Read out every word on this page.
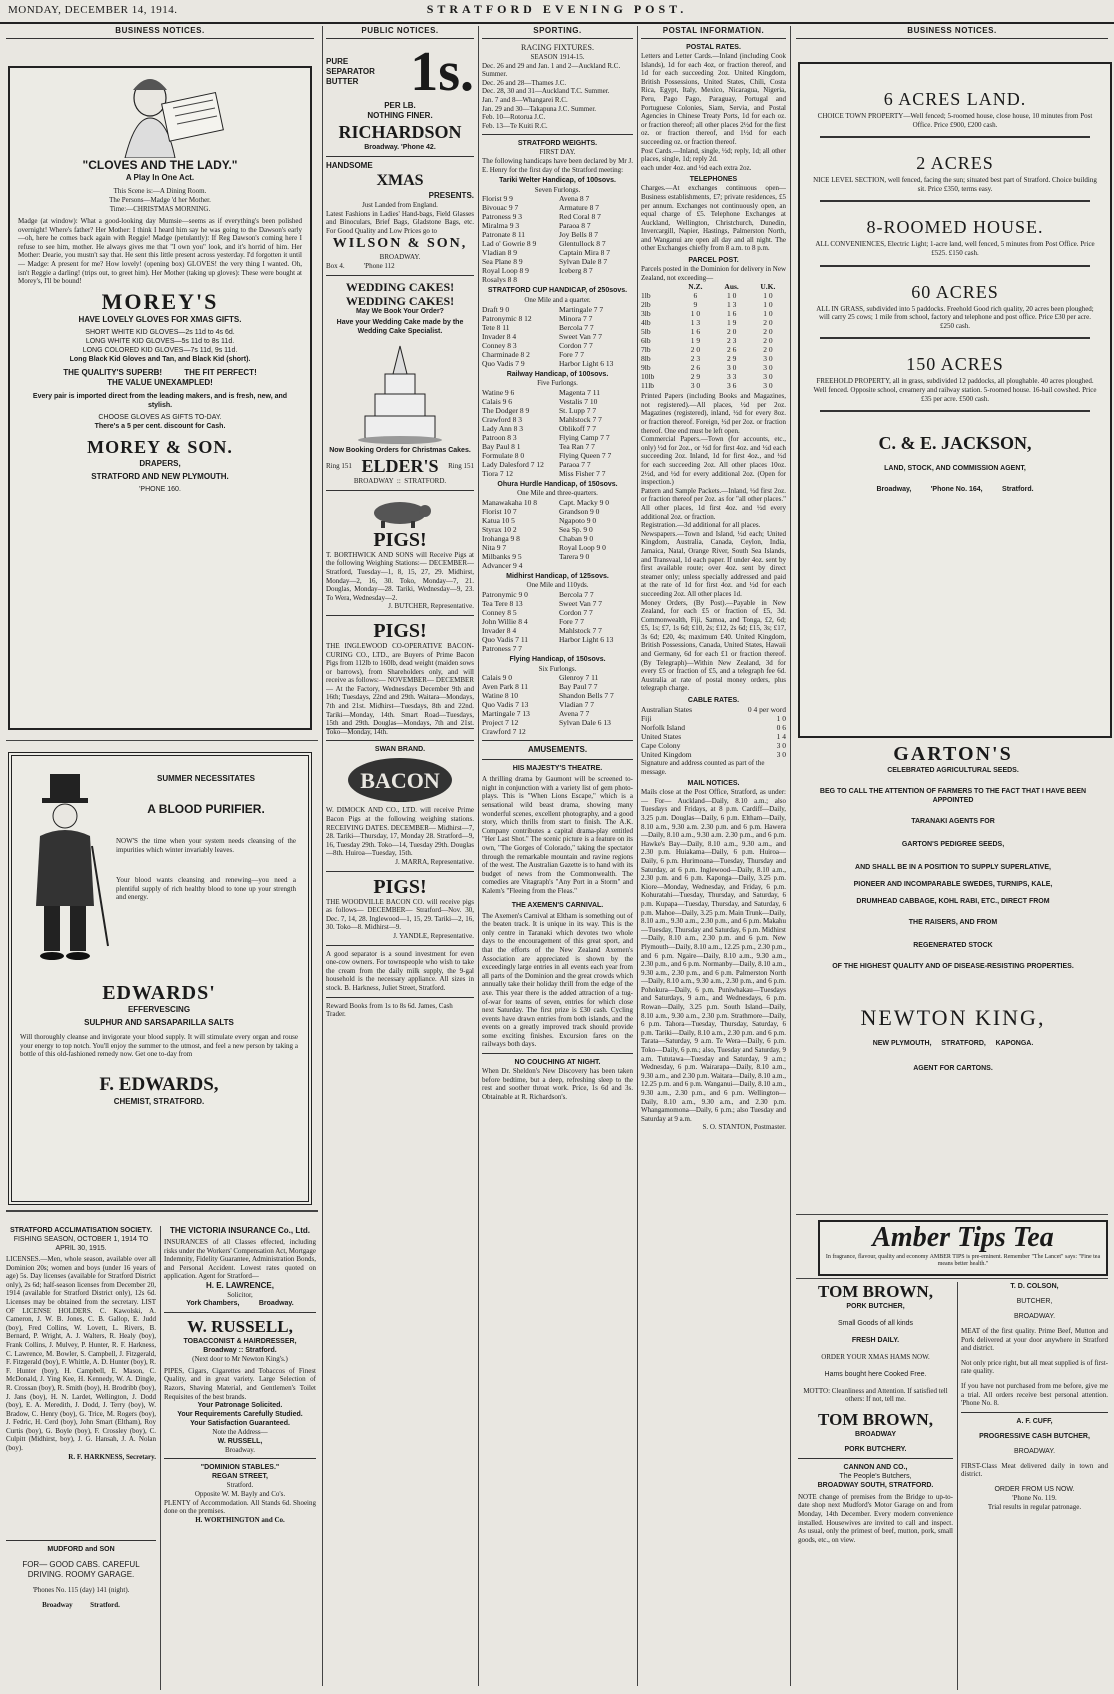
MONDAY, DECEMBER 14, 1914.	STRATFORD EVENING POST.
BUSINESS NOTICES.
"CLOVES AND THE LADY."
A Play In One Act.
This Scene is:—A Dining Room.
The Persons—Madge 'd her Mother.
Time:—CHRISTMAS MORNING.
Madge (at window): What a good-looking day Mumsie—seems as if everything's been polished overnight! Where's father? Her Mother: I think I heard him say he was going to the Dawson's early—oh, here he comes back again with Reggie! Madge (petulantly): If Reg Dawson's coming here I refuse to see him, mother. He always gives me that "I own you" look, and it's horrid of him. Her Mother: Dearie, you mustn't say that. He sent this little present across yesterday. I'd forgotten it until— Madge: A present for me? How lovely! (opening box) GLOVES! the very thing I wanted. Oh, isn't Reggie a darling! (trips out, to greet him). Her Mother (taking up gloves): These were bought at Morey's, I'll be bound!
MOREY'S
HAVE LOVELY GLOVES FOR XMAS GIFTS.
SHORT WHITE KID GLOVES—2s 11d to 4s 6d.
LONG WHITE KID GLOVES—5s 11d to 8s 11d.
LONG COLORED KID GLOVES—7s 11d, 9s 11d.
Long Black Kid Gloves and Tan, and Black Kid (short).
THE QUALITY'S SUPERB!          THE FIT PERFECT!
THE VALUE UNEXAMPLED!
Every pair is imported direct from the leading makers, and is fresh, new, and stylish.
CHOOSE GLOVES AS GIFTS TO-DAY.
There's a 5 per cent. discount for Cash.
MOREY & SON.
DRAPERS,
STRATFORD AND NEW PLYMOUTH.
'PHONE 160.
SUMMER NECESSITATES
A BLOOD PURIFIER.
NOW'S the time when your system needs cleansing of the impurities which winter invariably leaves.
Your blood wants cleansing and renewing—you need a plentiful supply of rich healthy blood to tone up your strength and energy.
EDWARDS'
EFFERVESCING
SULPHUR AND SARSAPARILLA SALTS
Will thoroughly cleanse and invigorate your blood supply. It will stimulate every organ and rouse your energy to top notch. You'll enjoy the summer to the utmost, and feel a new person by taking a bottle of this old-fashioned remedy now. Get one to-day from
F. EDWARDS,
CHEMIST, STRATFORD.
STRATFORD ACCLIMATISATION SOCIETY.
FISHING SEASON, OCTOBER 1, 1914 TO APRIL 30, 1915.
LICENSES.—Men, whole season, available over all Dominion 20s; women and boys (under 16 years of age) 5s. Day licenses (available for Stratford District only), 2s 6d; half-season licenses from December 20, 1914 (available for Stratford District only), 12s 6d. Licenses may be obtained from the secretary. LIST OF LICENSE HOLDERS. C. Kawolski, A. Cameron, J. W. B. Jones, C. B. Gallop, E. Judd (boy), Fred Collins, W. Lovett, L. Rivers, B. Bernard, P. Wright, A. J. Walters, R. Healy (boy), Frank Collins, J. Mulvey, P. Hunter, R. F. Harkness, C. Lawrence, M. Bowler, S. Campbell, J. Fitzgerald, F. Fitzgerald (boy), F. Whittle, A. D. Hunter (boy), R. F. Hunter (boy), H. Campbell, E. Mason, C. McDonald, J. Ying Kee, H. Kennedy, W. A. Dingle, R. Crossan (boy), R. Smith (boy), H. Brodribb (boy), J. Jans (boy), H. N. Lardet, Wellington, J. Dodd (boy), E. A. Meredith, J. Dodd, J. Terry (boy), W. Bradow, C. Henry (boy), G. Trice, M. Rogers (boy), J. Fedric, H. Cerd (boy), John Smart (Eltham), Roy Curtis (boy), G. Boyle (boy), F. Crossley (boy), C. Culpitt (Midhirst, boy), J. G. Hansah, J. A. Nolan (boy).
R. F. HARKNESS, Secretary.
MUDFORD and SON
FOR— GOOD CABS. CAREFUL DRIVING. ROOMY GARAGE.
'Phones No. 115 (day) 141 (night).
Broadway          Stratford.
THE VICTORIA INSURANCE Co., Ltd.
INSURANCES of all Classes effected, including risks under the Workers' Compensation Act, Mortgage Indemnity, Fidelity Guarantee, Administration Bonds, and Personal Accident. Lowest rates quoted on application. Agent for Stratford—
H. E. LAWRENCE,
Solicitor,
York Chambers,          Broadway.
W. RUSSELL,
TOBACCONIST & HAIRDRESSER,
Broadway :: Stratford.
(Next door to Mr Newton King's.)
PIPES, Cigars, Cigarettes and Tobaccos of Finest Quality, and in great variety. Large Selection of Razors, Shaving Material, and Gentlemen's Toilet Requisites of the best brands.
Your Patronage Solicited.
Your Requirements Carefully Studied.
Your Satisfaction Guaranteed.
Note the Address—
W. RUSSELL,
Broadway.
"DOMINION STABLES."
REGAN STREET,
Stratford.
Opposite W. M. Bayly and Co's.
PLENTY of Accommodation. All Stands 6d. Shoeing done on the premises.
H. WORTHINGTON and Co.
PUBLIC NOTICES.
PURE SEPARATOR BUTTER 1s.
PER LB.
NOTHING FINER.
RICHARDSON
Broadway. 'Phone 42.
HANDSOME
XMAS
PRESENTS.
Just Landed from England.
Latest Fashions in Ladies' Hand-bags, Field Glasses and Binoculars, Brief Bags, Gladstone Bags, etc. For Good Quality and Low Prices go to
WILSON & SON,
BROADWAY.
Box 4.           'Phone 112
WEDDING CAKES! WEDDING CAKES!
May We Book Your Order?
Have your Wedding Cake made by the Wedding Cake Specialist.
Now Booking Orders for Christmas Cakes.
Ring 151 ELDER'S Ring 151
BROADWAY  ::  STRATFORD.
PIGS!
T. BORTHWICK AND SONS will Receive Pigs at the following Weighing Stations:— DECEMBER— Stratford, Tuesday—1, 8, 15, 27, 29. Midhirst, Monday—2, 16, 30. Toko, Monday—7, 21. Douglas, Monday—28. Tariki, Wednesday—9, 23. To Wera, Wednesday—2.
J. BUTCHER, Representative.
PIGS!
THE INGLEWOOD CO-OPERATIVE BACON-CURING CO., LTD., are Buyers of Prime Bacon Pigs from 112lb to 160lb, dead weight (maiden sows or barrows), from Shareholders only, and will receive as follows:— NOVEMBER— DECEMBER— At the Factory, Wednesdays December 9th and 16th; Tuesdays, 22nd and 29th. Waitara—Mondays, 7th and 21st. Midhirst—Tuesdays, 8th and 22nd. Tariki—Monday, 14th. Smart Road—Tuesdays, 15th and 29th. Douglas—Mondays, 7th and 21st. Toko—Monday, 14th.
SWAN BRAND.
BACON
W. DIMOCK AND CO., LTD. will receive Prime Bacon Pigs at the following weighing stations. RECEIVING DATES. DECEMBER— Midhirst—7, 28. Tariki—Thursday, 17, Monday 28. Stratford—9, 16, Tuesday 29th. Toko—14, Tuesday 29th. Douglas—8th. Huiroa—Tuesday, 15th.
J. MARRA, Representative.
PIGS!
THE WOODVILLE BACON CO. will receive pigs as follows— DECEMBER— Stratford—Nov. 30, Dec. 7, 14, 28. Inglewood—1, 15, 29. Tariki—2, 16, 30. Toko—8. Midhirst—9.
J. YANDLE, Representative.
A good separator is a sound investment for even one-cow owners. For townspeople who wish to take the cream from the daily milk supply, the 9-gal household is the necessary appliance. All sizes in stock. B. Harkness, Juliet Street, Stratford.
Reward Books from 1s to 8s 6d. James, Cash Trader.
SPORTING.
RACING FIXTURES.
SEASON 1914-15.
Dec. 26 and 29 and Jan. 1 and 2—Auckland R.C. Summer.
Dec. 26 and 28—Thames J.C.
Dec. 28, 30 and 31—Auckland T.C. Summer.
Jan. 7 and 8—Whangarei R.C.
Jan. 29 and 30—Takapuna J.C. Summer.
Feb. 10—Rotorua J.C.
Feb. 13—Te Kuiti R.C.
STRATFORD WEIGHTS.
FIRST DAY.
The following handicaps have been declared by Mr J. E. Henry for the first day of the Stratford meeting:
Tariki Welter Handicap, of 100sovs.
Seven Furlongs.
Florist 9 9	Avena 8 7
Bivouac 9 7	Armature 8 7
Patroness 9 3	Red Coral 8 7
Miralma 9 3	Paraoa 8 7
Patronate 8 11	Joy Bells 8 7
Lad o' Gowrie 8 9	Glentullock 8 7
Vladian 8 9	Captain Mira 8 7
Sea Plane 8 9	Sylvan Dale 8 7
Royal Loop 8 9	Iceberg 8 7
Rosalys 8 8
STRATFORD CUP HANDICAP, of 250sovs.
One Mile and a quarter.
Draft 9 0	Martingale 7 7
Patronymic 8 12	Minora 7 7
Tete 8 11	Bercola 7 7
Invader 8 4	Sweet Van 7 7
Conney 8 3	Cordon 7 7
Charminade 8 2	Fore 7 7
Quo Vadis 7 9	Harbor Light 6 13
Railway Handicap, of 100sovs.
Five Furlongs.
Watine 9 6	Magenta 7 11
Calais 9 6	Vestalis 7 10
The Dodger 8 9	St. Lupp 7 7
Crawford 8 3	Mahlstock 7 7
Lady Ann 8 3	Oblikoff 7 7
Patroon 8 3	Flying Camp 7 7
Bay Paul 8 1	Tea Ran 7 7
Formulate 8 0	Flying Queen 7 7
Lady Dalesford 7 12	Paraoa 7 7
Tiora 7 12	Miss Fisher 7 7
Ohura Hurdle Handicap, of 150sovs.
One Mile and three-quarters.
Manawakaha 10 8	Capt. Macky 9 0
Florist 10 7	Grandson 9 0
Katua 10 5	Ngapoto 9 0
Styrax 10 2	Sea Sp. 9 0
Irohanga 9 8	Chaban 9 0
Nita 9 7	Royal Loop 9 0
Milbanks 9 5	Tarera 9 0
Advancer 9 4
Midhirst Handicap, of 125sovs.
One Mile and 110yds.
Patronymic 9 0	Bercola 7 7
Tea Tere 8 13	Sweet Van 7 7
Conney 8 5	Cordon 7 7
John Willie 8 4	Fore 7 7
Invader 8 4	Mahlstock 7 7
Quo Vadis 7 11	Harbor Light 6 13
Patroness 7 7
Flying Handicap, of 150sovs.
Six Furlongs.
Calais 9 0	Glenroy 7 11
Aven Park 8 11	Bay Paul 7 7
Watine 8 10	Shandon Bells 7 7
Quo Vadis 7 13	Vladian 7 7
Martingale 7 13	Avena 7 7
Project 7 12	Sylvan Dale 6 13
Crawford 7 12
AMUSEMENTS.
HIS MAJESTY'S THEATRE.
A thrilling drama by Gaumont will be screened to-night in conjunction with a variety list of gem photo-plays. This is "When Lions Escape," which is a sensational wild beast drama, showing many wonderful scenes, excellent photography, and a good story, which thrills from start to finish. The A.K. Company contributes a capital drama-play entitled "Her Last Shot." The scenic picture is a feature on its own, "The Gorges of Colorado," taking the spectator through the remarkable mountain and ravine regions of the west. The Australian Gazette is to hand with its budget of news from the Commonwealth. The comedies are Vitagraph's "Any Port in a Storm" and Kalem's "Fleeing from the Fleas."
THE AXEMEN'S CARNIVAL.
The Axemen's Carnival at Eltham is something out of the beaten track. It is unique in its way. This is the only centre in Taranaki which devotes two whole days to the encouragement of this great sport, and that the efforts of the New Zealand Axemen's Association are appreciated is shown by the exceedingly large entries in all events each year from all parts of the Dominion and the great crowds which annually take their holiday thrill from the edge of the axe. This year there is the added attraction of a tug-of-war for teams of seven, entries for which close next Saturday. The first prize is £30 cash. Cycling events have drawn entries from both islands, and the events on a greatly improved track should provide some exciting finishes. Excursion fares on the railways both days.
NO COUCHING AT NIGHT.
When Dr. Sheldon's New Discovery has been taken before bedtime, but a deep, refreshing sleep to the rest and soother throat work. Price, 1s 6d and 3s. Obtainable at R. Richardson's.
POSTAL INFORMATION.
POSTAL RATES.
Letters and Letter Cards.—Inland (including Cook Islands), 1d for each 4oz, or fraction thereof, and 1d for each succeeding 2oz. United Kingdom, British Possessions, United States, Chili, Costa Rica, Egypt, Italy, Mexico, Nicaragua, Nigeria, Peru, Pago Pago, Paraguay, Portugal and Portuguese Colonies, Siam, Servia, and Postal Agencies in Chinese Treaty Ports, 1d for each oz. or fraction thereof; all other places 2½d for the first oz. or fraction thereof, and 1½d for each succeeding oz. or fraction thereof.
Post Cards.—Inland, single, ½d; reply, 1d; all other places, single, 1d; reply 2d.
each under 4oz. and ½d each extra 2oz.
TELEPHONES
Charges.—At exchanges continuous open—Business establishments, £7; private residences, £5 per annum. Exchanges not continuously open, an equal charge of £5. Telephone Exchanges at Auckland, Wellington, Christchurch, Dunedin, Invercargill, Napier, Hastings, Palmerston North, and Wanganui are open all day and all night. The other Exchanges chiefly from 8 a.m. to 8 p.m.
PARCEL POST.
Parcels posted in the Dominion for delivery in New Zealand, not exceeding—
N.Z.	Aus.	U.K.
1lb	6	1 0	1 0
2lb	9	1 3	1 0
3lb	1 0	1 6	1 0
4lb	1 3	1 9	2 0
5lb	1 6	2 0	2 0
6lb	1 9	2 3	2 0
7lb	2 0	2 6	2 0
8lb	2 3	2 9	3 0
9lb	2 6	3 0	3 0
10lb	2 9	3 3	3 0
11lb	3 0	3 6	3 0
Printed Papers (including Books and Magazines, not registered).—All places, ½d per 2oz. Magazines (registered), inland, ½d for every 8oz. or fraction thereof. Foreign, ½d per 2oz. or fraction thereof. One end must be left open.
Commercial Papers.—Town (for accounts, etc., only) ½d for 2oz., or ½d for first 4oz. and ½d each succeeding 2oz. Inland, 1d for first 4oz., and ½d for each succeeding 2oz. All other places 10oz. 2½d, and ½d for every additional 2oz. (Open for inspection.)
Pattern and Sample Packets.—Inland, ½d first 2oz. or fraction thereof per 2oz. as for "all other places." All other places, 1d first 4oz. and ½d every additional 2oz. or fraction.
Registration.—3d additional for all places.
Newspapers.—Town and Island, ½d each; United Kingdom, Australia, Canada, Ceylon, India, Jamaica, Natal, Orange River, South Sea Islands, and Transvaal, 1d each paper. If under 4oz. sent by first available route; over 4oz. sent by direct steamer only; unless specially addressed and paid at the rate of 1d for first 4oz. and ½d for each succeeding 2oz. All other places 1d.
Money Orders, (By Post).—Payable in New Zealand, for each £5 or fraction of £5, 3d. Commonwealth, Fiji, Samoa, and Tonga, £2, 6d; £5, 1s; £7, 1s 6d; £10, 2s; £12, 2s 6d; £15, 3s; £17, 3s 6d; £20, 4s; maximum £40. United Kingdom, British Possessions, Canada, United States, Hawaii and Germany, 6d for each £1 or fraction thereof. (By Telegraph)—Within New Zealand, 3d for every £5 or fraction of £5, and a telegraph fee 6d. Australia at rate of postal money orders, plus telegraph charge.
CABLE RATES.
Australian States	0 4 per word
Fiji	1 0
Norfolk Island	0 6
United States	1 4
Cape Colony	3 0
United Kingdom	3 0
Signature and address counted as part of the message.
MAIL NOTICES.
Mails close at the Post Office, Stratford, as under:— For— Auckland—Daily, 8.10 a.m.; also Tuesdays and Fridays, at 8 p.m. Cardiff—Daily, 3.25 p.m. Douglas—Daily, 6 p.m. Eltham—Daily, 8.10 a.m., 9.30 a.m. 2.30 p.m. and 6 p.m. Hawera—Daily, 8.10 a.m., 9.30 a.m. 2.30 p.m., and 6 p.m. Hawke's Bay—Daily, 8.10 a.m., 9.30 a.m., and 2.30 p.m. Huiakama—Daily, 6 p.m. Huiroa—Daily, 6 p.m. Hurimoana—Tuesday, Thursday and Saturday, at 6 p.m. Inglewood—Daily, 8.10 a.m., 2.30 p.m. and 6 p.m. Kaponga—Daily, 3.25 p.m. Kiore—Monday, Wednesday, and Friday, 6 p.m. Kohuratahi—Tuesday, Thursday, and Saturday, 6 p.m. Kupapa—Tuesday, Thursday, and Saturday, 6 p.m. Mahoe—Daily, 3.25 p.m. Main Trunk—Daily, 8.10 a.m., 9.30 a.m., 2.30 p.m., and 6 p.m. Makahu—Tuesday, Thursday and Saturday, 6 p.m. Midhirst—Daily, 8.10 a.m., 2.30 p.m. and 6 p.m. New Plymouth—Daily, 8.10 a.m., 12.25 p.m., 2.30 p.m., and 6 p.m. Ngaire—Daily, 8.10 a.m., 9.30 a.m., 2.30 p.m., and 6 p.m. Normanby—Daily, 8.10 a.m., 9.30 a.m., 2.30 p.m., and 6 p.m. Palmerston North—Daily, 8.10 a.m., 9.30 a.m., 2.30 p.m., and 6 p.m. Pohokura—Daily, 6 p.m. Puniwhakau—Tuesdays and Saturdays, 9 a.m., and Wednesdays, 6 p.m. Rowan—Daily, 3.25 p.m. South Island—Daily, 8.10 a.m., 9.30 a.m., 2.30 p.m. Strathmore—Daily, 6 p.m. Tahora—Tuesday, Thursday, Saturday, 6 p.m. Tariki—Daily, 8.10 a.m., 2.30 p.m. and 6 p.m. Tarata—Saturday, 9 a.m. Te Wera—Daily, 6 p.m. Toko—Daily, 6 p.m.; also, Tuesday and Saturday, 9 a.m. Tututawa—Tuesday and Saturday, 9 a.m.; Wednesday, 6 p.m. Wairarapa—Daily, 8.10 a.m., 9.30 a.m., and 2.30 p.m. Waitara—Daily, 8.10 a.m., 12.25 p.m. and 6 p.m. Wanganui—Daily, 8.10 a.m., 9.30 a.m., 2.30 p.m., and 6 p.m. Wellington—Daily, 8.10 a.m., 9.30 a.m., and 2.30 p.m. Whangamomona—Daily, 6 p.m.; also Tuesday and Saturday at 9 a.m.
S. O. STANTON, Postmaster.
BUSINESS NOTICES.
6 ACRES LAND.
CHOICE TOWN PROPERTY—Well fenced; 5-roomed house, close house, 10 minutes from Post Office. Price £900, £200 cash.
2 ACRES
NICE LEVEL SECTION, well fenced, facing the sun; situated best part of Stratford. Choice building sit. Price £350, terms easy.
8-ROOMED HOUSE.
ALL CONVENIENCES, Electric Light; 1-acre land, well fenced, 5 minutes from Post Office. Price £525. £150 cash.
60 ACRES
ALL IN GRASS, subdivided into 5 paddocks. Freehold Good rich quality, 20 acres been ploughed; will carry 25 cows; 1 mile from school, factory and telephone and post office. Price £30 per acre. £250 cash.
150 ACRES
FREEHOLD PROPERTY, all in grass, subdivided 12 paddocks, all ploughable. 40 acres ploughed. Well fenced. Opposite school, creamery and railway station. 5-roomed house. 16-bail cowshed. Price £35 per acre. £500 cash.
C. & E. JACKSON,
LAND, STOCK, AND COMMISSION AGENT,
Broadway,          'Phone No. 164,          Stratford.
GARTON'S
CELEBRATED AGRICULTURAL SEEDS.
BEG TO CALL THE ATTENTION OF FARMERS TO THE FACT THAT I HAVE BEEN APPOINTED
TARANAKI AGENTS FOR
GARTON'S PEDIGREE SEEDS,
AND SHALL BE IN A POSITION TO SUPPLY SUPERLATIVE,
PIONEER AND INCOMPARABLE SWEDES, TURNIPS, KALE,
DRUMHEAD CABBAGE, KOHL RABI, ETC., DIRECT FROM
THE RAISERS, AND FROM
REGENERATED STOCK
OF THE HIGHEST QUALITY AND OF DISEASE-RESISTING PROPERTIES.
NEWTON KING,
NEW PLYMOUTH,     STRATFORD,     KAPONGA.
AGENT FOR CARTONS.
Amber Tips Tea
In fragrance, flavour, quality and economy AMBER TIPS is pre-eminent. Remember "The Lancet" says: "Fine tea means better health."
TOM BROWN,
PORK BUTCHER,
Small Goods of all kinds
FRESH DAILY.
ORDER YOUR XMAS HAMS NOW.
Hams bought here Cooked Free.
MOTTO: Cleanliness and Attention. If satisfied tell others: If not, tell me.
TOM BROWN,
BROADWAY
PORK BUTCHERY.
CANNON AND CO.,
The People's Butchers,
BROADWAY SOUTH, STRATFORD.
NOTE change of premises from the Bridge to up-to-date shop next Mudford's Motor Garage on and from Monday, 14th December. Every modern convenience installed. Housewives are invited to call and inspect. As usual, only the primest of beef, mutton, pork, small goods, etc., on view.
T. D. COLSON,
BUTCHER,
BROADWAY.
MEAT of the first quality. Prime Beef, Mutton and Pork delivered at your door anywhere in Stratford and district.
Not only price right, but all meat supplied is of first-rate quality.
If you have not purchased from me before, give me a trial. All orders receive best personal attention. 'Phone No. 8.
A. F. CUFF,
PROGRESSIVE CASH BUTCHER,
BROADWAY.
FIRST-Class Meat delivered daily in town and district.
ORDER FROM US NOW.
'Phone No. 119.
Trial results in regular patronage.
